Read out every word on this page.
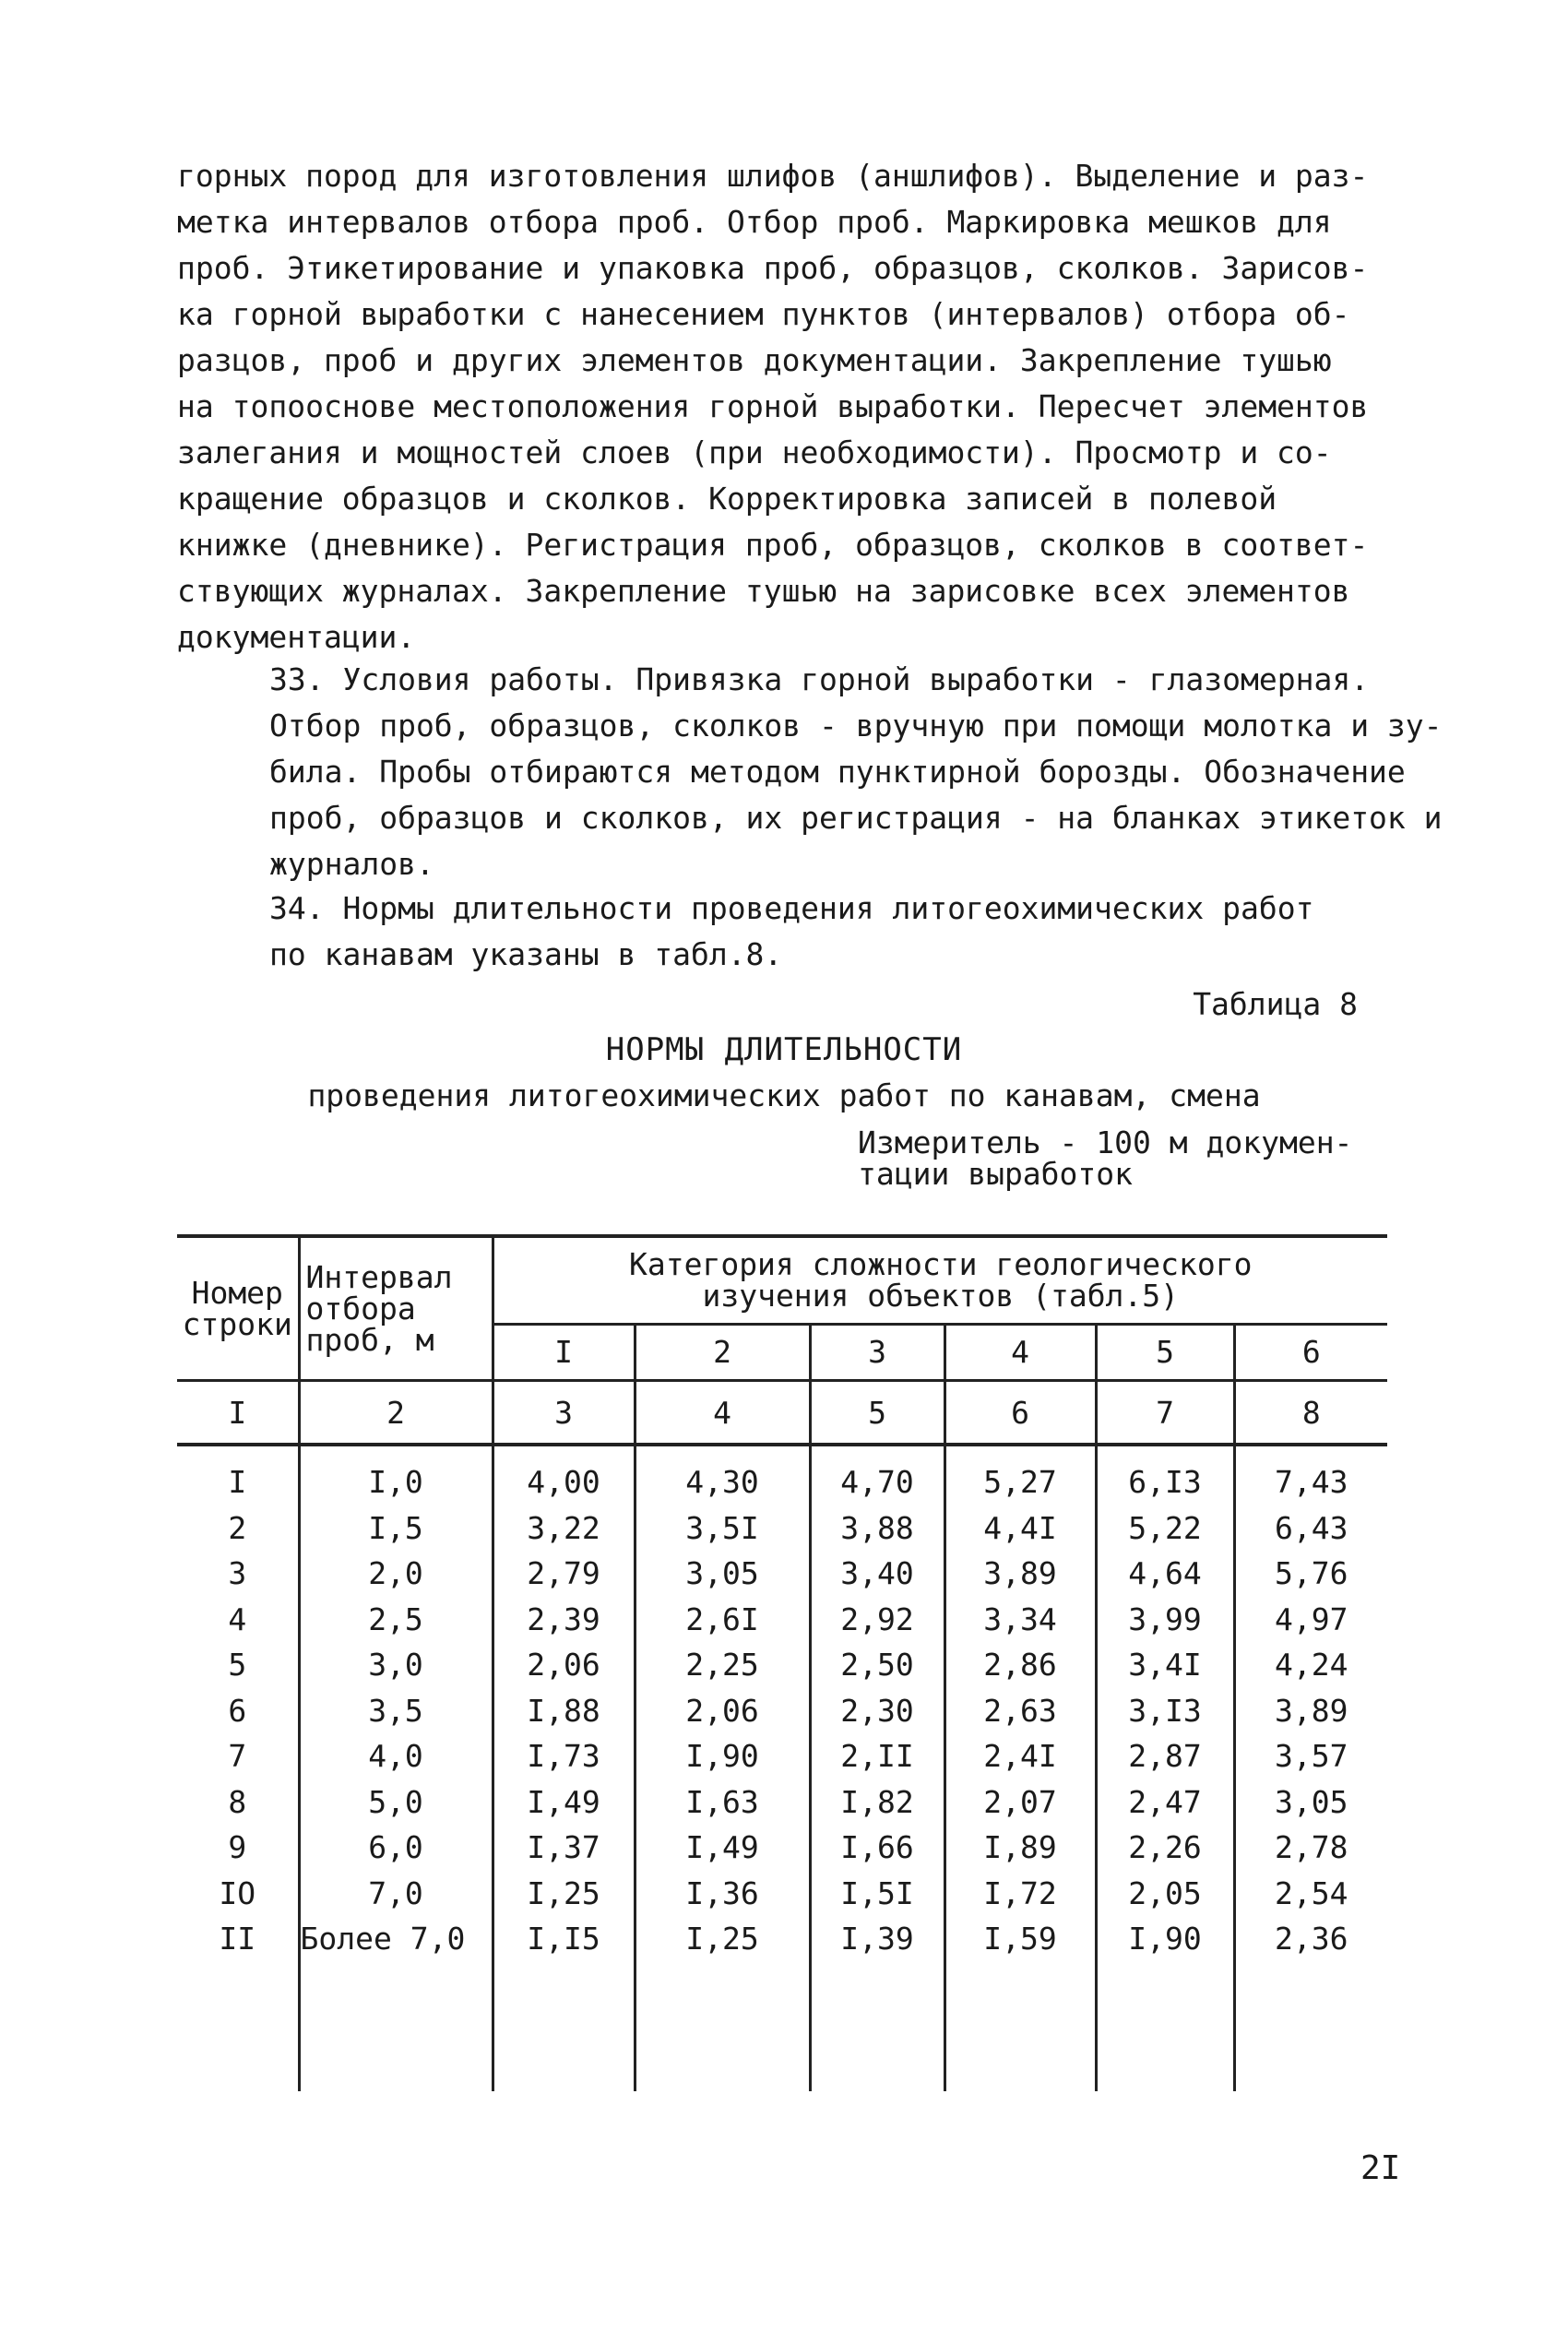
горных пород для изготовления шлифов (аншлифов). Выделение и раз-
метка интервалов отбора проб. Отбор проб. Маркировка мешков для
проб. Этикетирование и упаковка проб, образцов, сколков. Зарисов-
ка горной выработки с нанесением пунктов (интервалов) отбора об-
разцов, проб и других элементов документации. Закрепление тушью
на топооснове местоположения горной выработки. Пересчет элементов
залегания и мощностей слоев (при необходимости). Просмотр и со-
кращение образцов и сколков. Корректировка записей в полевой
книжке (дневнике). Регистрация проб, образцов, сколков в соответ-
ствующих журналах. Закрепление тушью на зарисовке всех элементов
документации.
33. Условия работы. Привязка горной выработки - глазомерная.
Отбор проб, образцов, сколков - вручную при помощи молотка и зу-
била. Пробы отбираются методом пунктирной борозды. Обозначение
проб, образцов и сколков, их регистрация - на бланках этикеток и
журналов.
34. Нормы длительности проведения литогеохимических работ
по канавам указаны в табл.8.
Таблица 8
НОРМЫ ДЛИТЕЛЬНОСТИ
проведения литогеохимических работ по канавам, смена
Измеритель - 100 м докумен-
тации выработок
Номер
строки	Интервал
отбора
проб, м	Категория сложности геологического
изучения объектов (табл.5)					

		I	2	3	4	5	6
I	2	3	4	5	6	7	8
I	I,0	4,00	4,30	4,70	5,27	6,I3	7,43
2	I,5	3,22	3,5I	3,88	4,4I	5,22	6,43
3	2,0	2,79	3,05	3,40	3,89	4,64	5,76
4	2,5	2,39	2,6I	2,92	3,34	3,99	4,97
5	3,0	2,06	2,25	2,50	2,86	3,4I	4,24
6	3,5	I,88	2,06	2,30	2,63	3,I3	3,89
7	4,0	I,73	I,90	2,II	2,4I	2,87	3,57
8	5,0	I,49	I,63	I,82	2,07	2,47	3,05
9	6,0	I,37	I,49	I,66	I,89	2,26	2,78
IO	7,0	I,25	I,36	I,5I	I,72	2,05	2,54
II	Более 7,0	I,I5	I,25	I,39	I,59	I,90	2,36

2I
